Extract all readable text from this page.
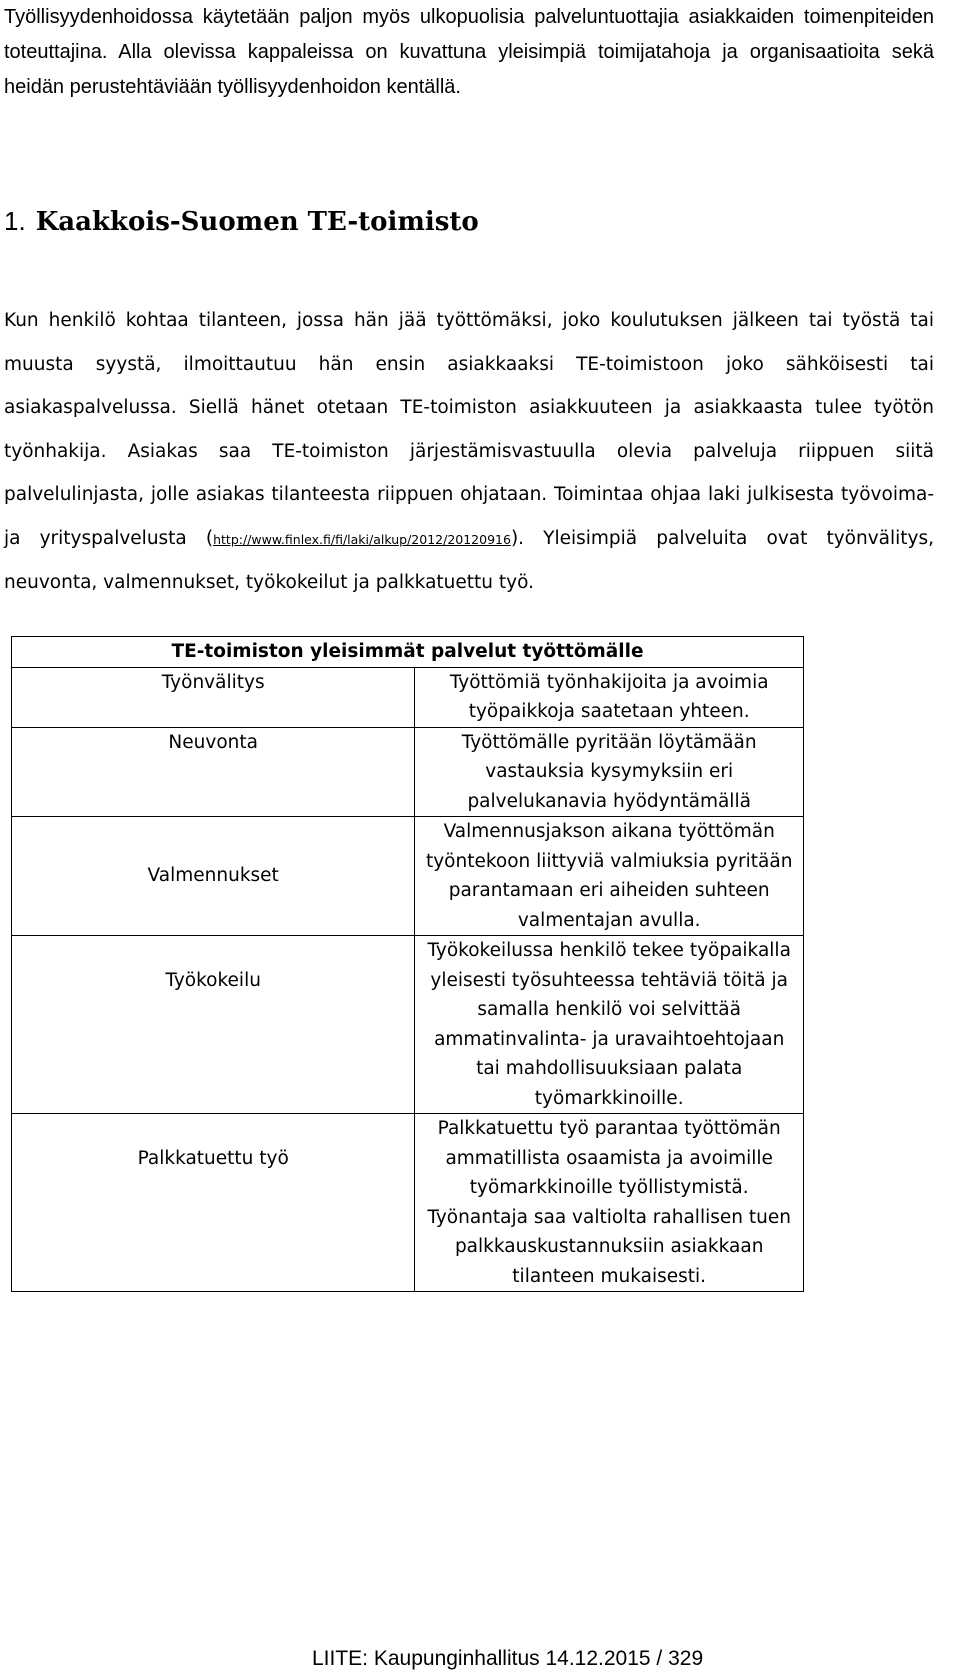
Työllisyydenhoidossa käytetään paljon myös ulkopuolisia palveluntuottajia asiakkaiden toimenpiteiden toteuttajina. Alla olevissa kappaleissa on kuvattuna yleisimpiä toimijatahoja ja organisaatioita sekä heidän perustehtäviään työllisyydenhoidon kentällä.

1. Kaakkois-Suomen TE-toimisto

Kun henkilö kohtaa tilanteen, jossa hän jää työttömäksi, joko koulutuksen jälkeen tai työstä tai muusta syystä, ilmoittautuu hän ensin asiakkaaksi TE-toimistoon joko sähköisesti tai asiakaspalvelussa. Siellä hänet otetaan TE-toimiston asiakkuuteen ja asiakkaasta tulee työtön työnhakija. Asiakas saa TE-toimiston järjestämisvastuulla olevia palveluja riippuen siitä palvelulinjasta, jolle asiakas tilanteesta riippuen ohjataan. Toimintaa ohjaa laki julkisesta työvoima- ja yrityspalvelusta (http://www.finlex.fi/fi/laki/alkup/2012/20120916). Yleisimpiä palveluita ovat työnvälitys, neuvonta, valmennukset, työkokeilut ja palkkatuettu työ.

TE-toimiston yleisimmät palvelut työttömälle	
Työnvälitys	Työttömiä työnhakijoita ja avoimia työpaikkoja saatetaan yhteen.
Neuvonta	Työttömälle pyritään löytämään vastauksia kysymyksiin eri palvelukanavia hyödyntämällä
Valmennukset	Valmennusjakson aikana työttömän työntekoon liittyviä valmiuksia pyritään parantamaan eri aiheiden suhteen valmentajan avulla.
Työkokeilu	Työkokeilussa henkilö tekee työpaikalla yleisesti työsuhteessa tehtäviä töitä ja samalla henkilö voi selvittää ammatinvalinta- ja uravaihtoehtojaan tai mahdollisuuksiaan palata työmarkkinoille.
Palkkatuettu työ	Palkkatuettu työ parantaa työttömän ammatillista osaamista ja avoimille työmarkkinoille työllistymistä. Työnantaja saa valtiolta rahallisen tuen palkkauskustannuksiin asiakkaan tilanteen mukaisesti.

LIITE: Kaupunginhallitus 14.12.2015 / 329
